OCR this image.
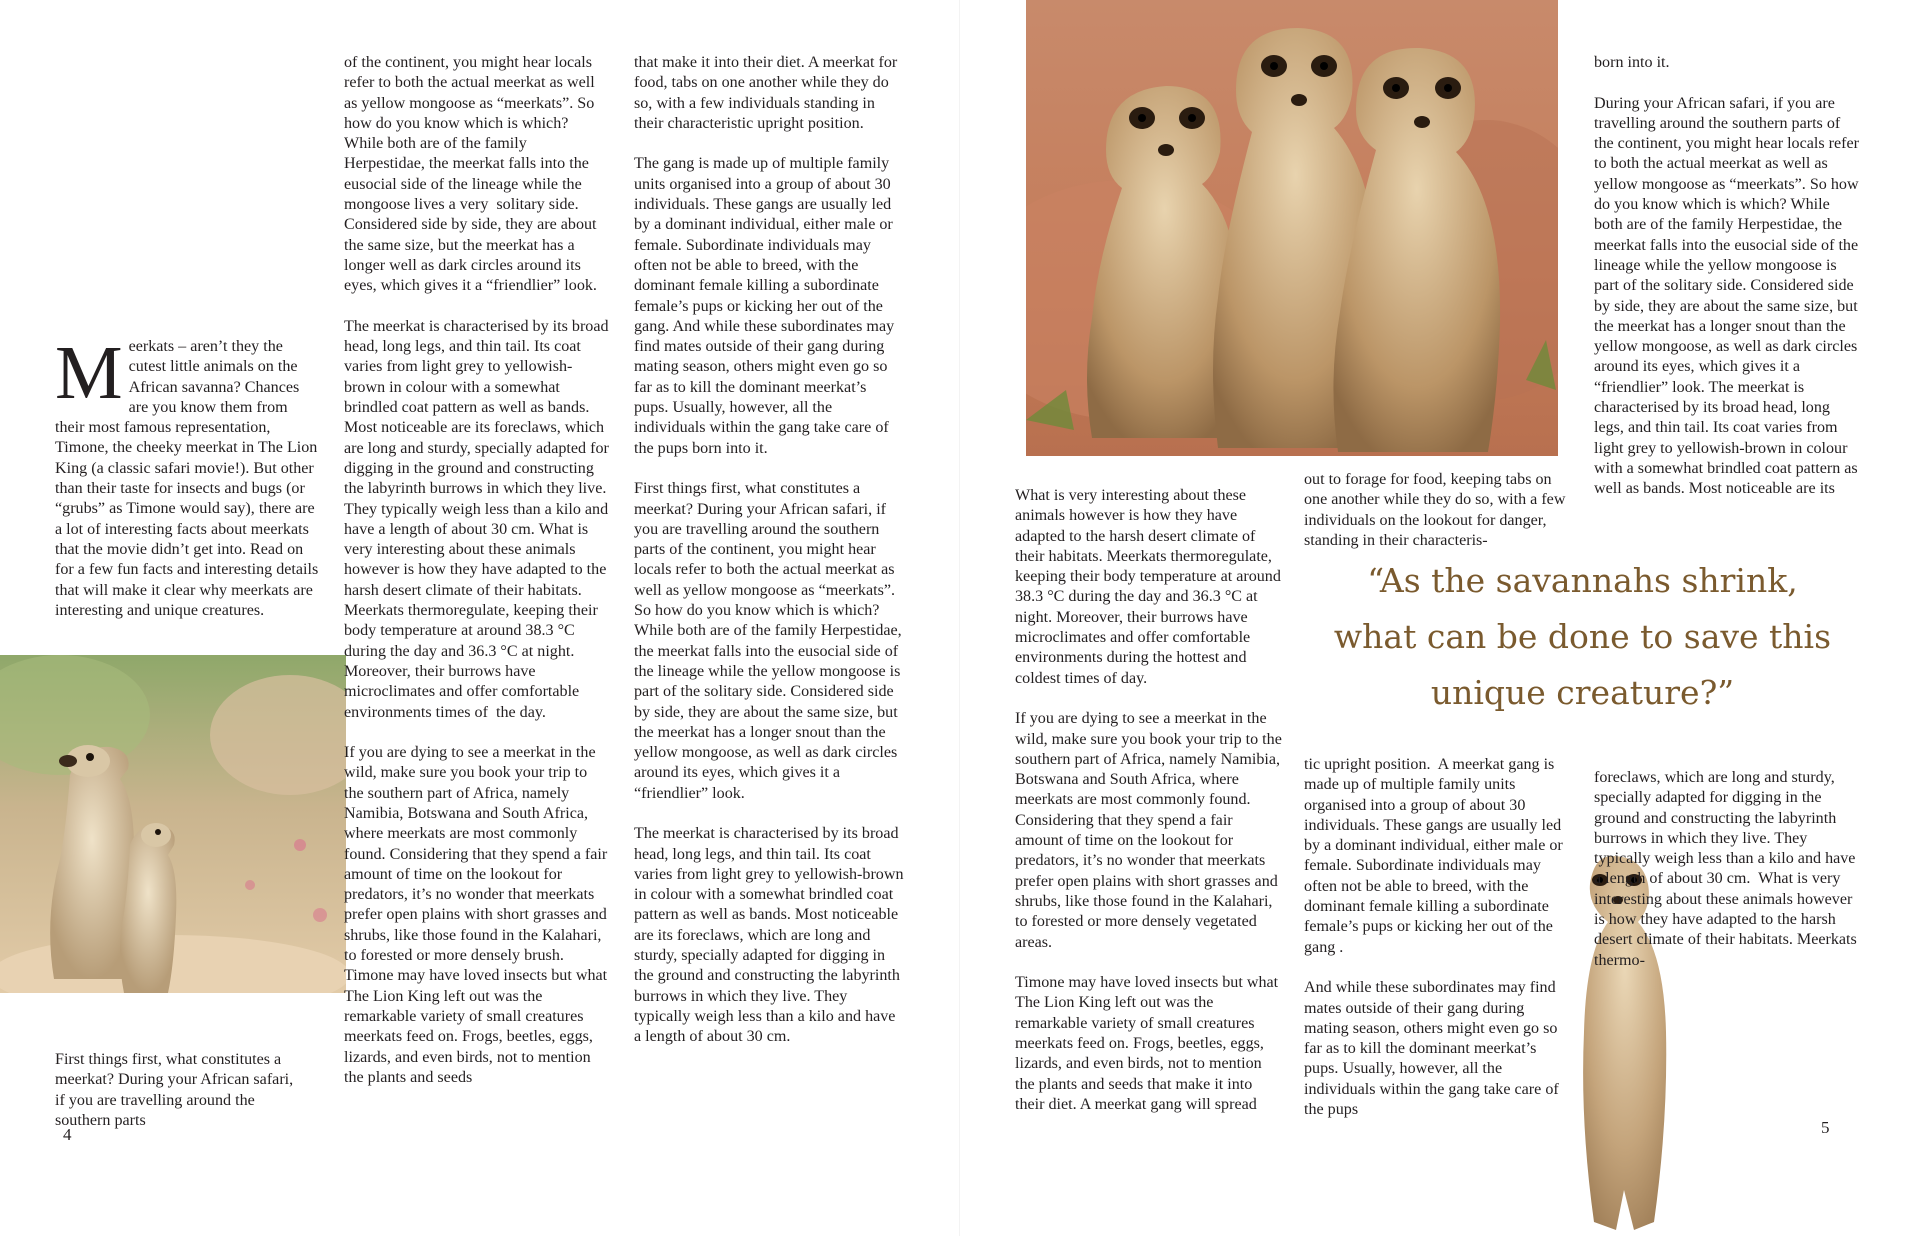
Meerkats – aren’t they the cutest little animals on the African savanna? Chances are you know them from their most famous representation, Timone, the cheeky meerkat in The Lion King (a classic safari movie!). But other than their taste for insects and bugs (or “grubs” as Timone would say), there are a lot of interesting facts about meerkats that the movie didn’t get into. Read on for a few fun facts and interesting details that will make it clear why meerkats are interesting and unique creatures.

First things first, what constitutes a meerkat? During your African safari, if you are travelling around the southern parts

of the continent, you might hear locals refer to both the actual meerkat as well as yellow mongoose as “meerkats”. So how do you know which is which? While both are of the family Herpestidae, the meerkat falls into the eusocial side of the lineage while the mongoose lives a very  solitary side. Considered side by side, they are about the same size, but the meerkat has a longer well as dark circles around its eyes, which gives it a “friendlier” look.

The meerkat is characterised by its broad head, long legs, and thin tail. Its coat varies from light grey to yellowish-brown in colour with a somewhat brindled coat pattern as well as bands. Most noticeable are its foreclaws, which are long and sturdy, specially adapted for digging in the ground and constructing the labyrinth burrows in which they live. They typically weigh less than a kilo and have a length of about 30 cm. What is very interesting about these animals however is how they have adapted to the harsh desert climate of their habitats. Meerkats thermoregulate, keeping their body temperature at around 38.3 °C during the day and 36.3 °C at night. Moreover, their burrows have microclimates and offer comfortable environments times of  the day.

If you are dying to see a meerkat in the wild, make sure you book your trip to the southern part of Africa, namely Namibia, Botswana and South Africa, where meerkats are most commonly found. Considering that they spend a fair amount of time on the lookout for predators, it’s no wonder that meerkats prefer open plains with short grasses and shrubs, like those found in the Kalahari, to forested or more densely brush. Timone may have loved insects but what The Lion King left out was the remarkable variety of small creatures meerkats feed on. Frogs, beetles, eggs, lizards, and even birds, not to mention the plants and seeds

that make it into their diet. A meerkat for food, tabs on one another while they do so, with a few individuals standing in their characteristic upright position.

The gang is made up of multiple family units organised into a group of about 30 individuals. These gangs are usually led by a dominant individual, either male or female. Subordinate individuals may often not be able to breed, with the dominant female killing a subordinate female’s pups or kicking her out of the gang. And while these subordinates may find mates outside of their gang during mating season, others might even go so far as to kill the dominant meerkat’s pups. Usually, however, all the individuals within the gang take care of the pups born into it.

First things first, what constitutes a meerkat? During your African safari, if you are travelling around the southern parts of the continent, you might hear locals refer to both the actual meerkat as well as yellow mongoose as “meerkats”. So how do you know which is which? While both are of the family Herpestidae, the meerkat falls into the eusocial side of the lineage while the yellow mongoose is part of the solitary side. Considered side by side, they are about the same size, but the meerkat has a longer snout than the yellow mongoose, as well as dark circles around its eyes, which gives it a “friendlier” look.

The meerkat is characterised by its broad head, long legs, and thin tail. Its coat varies from light grey to yellowish-brown in colour with a somewhat brindled coat pattern as well as bands. Most noticeable are its foreclaws, which are long and sturdy, specially adapted for digging in the ground and constructing the labyrinth burrows in which they live. They typically weigh less than a kilo and have a length of about 30 cm.

4

What is very interesting about these animals however is how they have adapted to the harsh desert climate of their habitats. Meerkats thermoregulate, keeping their body temperature at around 38.3 °C during the day and 36.3 °C at night. Moreover, their burrows have microclimates and offer comfortable environments during the hottest and coldest times of day.

If you are dying to see a meerkat in the wild, make sure you book your trip to the southern part of Africa, namely Namibia, Botswana and South Africa, where meerkats are most commonly found. Considering that they spend a fair amount of time on the lookout for predators, it’s no wonder that meerkats prefer open plains with short grasses and shrubs, like those found in the Kalahari, to forested or more densely vegetated areas.

Timone may have loved insects but what The Lion King left out was the remarkable variety of small creatures meerkats feed on. Frogs, beetles, eggs, lizards, and even birds, not to mention the plants and seeds that make it into their diet. A meerkat gang will spread

out to forage for food, keeping tabs on one another while they do so, with a few individuals on the lookout for danger, standing in their characteris-

tic upright position.  A meerkat gang is made up of multiple family units organised into a group of about 30 individuals. These gangs are usually led by a dominant individual, either male or female. Subordinate individuals may often not be able to breed, with the dominant female killing a subordinate female’s pups or kicking her out of the gang .

And while these subordinates may find mates outside of their gang during mating season, others might even go so far as to kill the dominant meerkat’s pups. Usually, however, all the individuals within the gang take care of the pups

born into it.

During your African safari, if you are travelling around the southern parts of the continent, you might hear locals refer to both the actual meerkat as well as yellow mongoose as “meerkats”. So how do you know which is which? While both are of the family Herpestidae, the meerkat falls into the eusocial side of the lineage while the yellow mongoose is part of the solitary side. Considered side by side, they are about the same size, but the meerkat has a longer snout than the yellow mongoose, as well as dark circles around its eyes, which gives it a “friendlier” look. The meerkat is characterised by its broad head, long legs, and thin tail. Its coat varies from light grey to yellowish-brown in colour with a somewhat brindled coat pattern as well as bands. Most noticeable are its

“As the savannahs shrink, what can be done to save this unique creature?”

foreclaws, which are long and sturdy, specially adapted for digging in the ground and constructing the labyrinth burrows in which they live. They typically weigh less than a kilo and have a length of about 30 cm.  What is very interesting about these animals however is how they have adapted to the harsh desert climate of their habitats. Meerkats thermo-

5
